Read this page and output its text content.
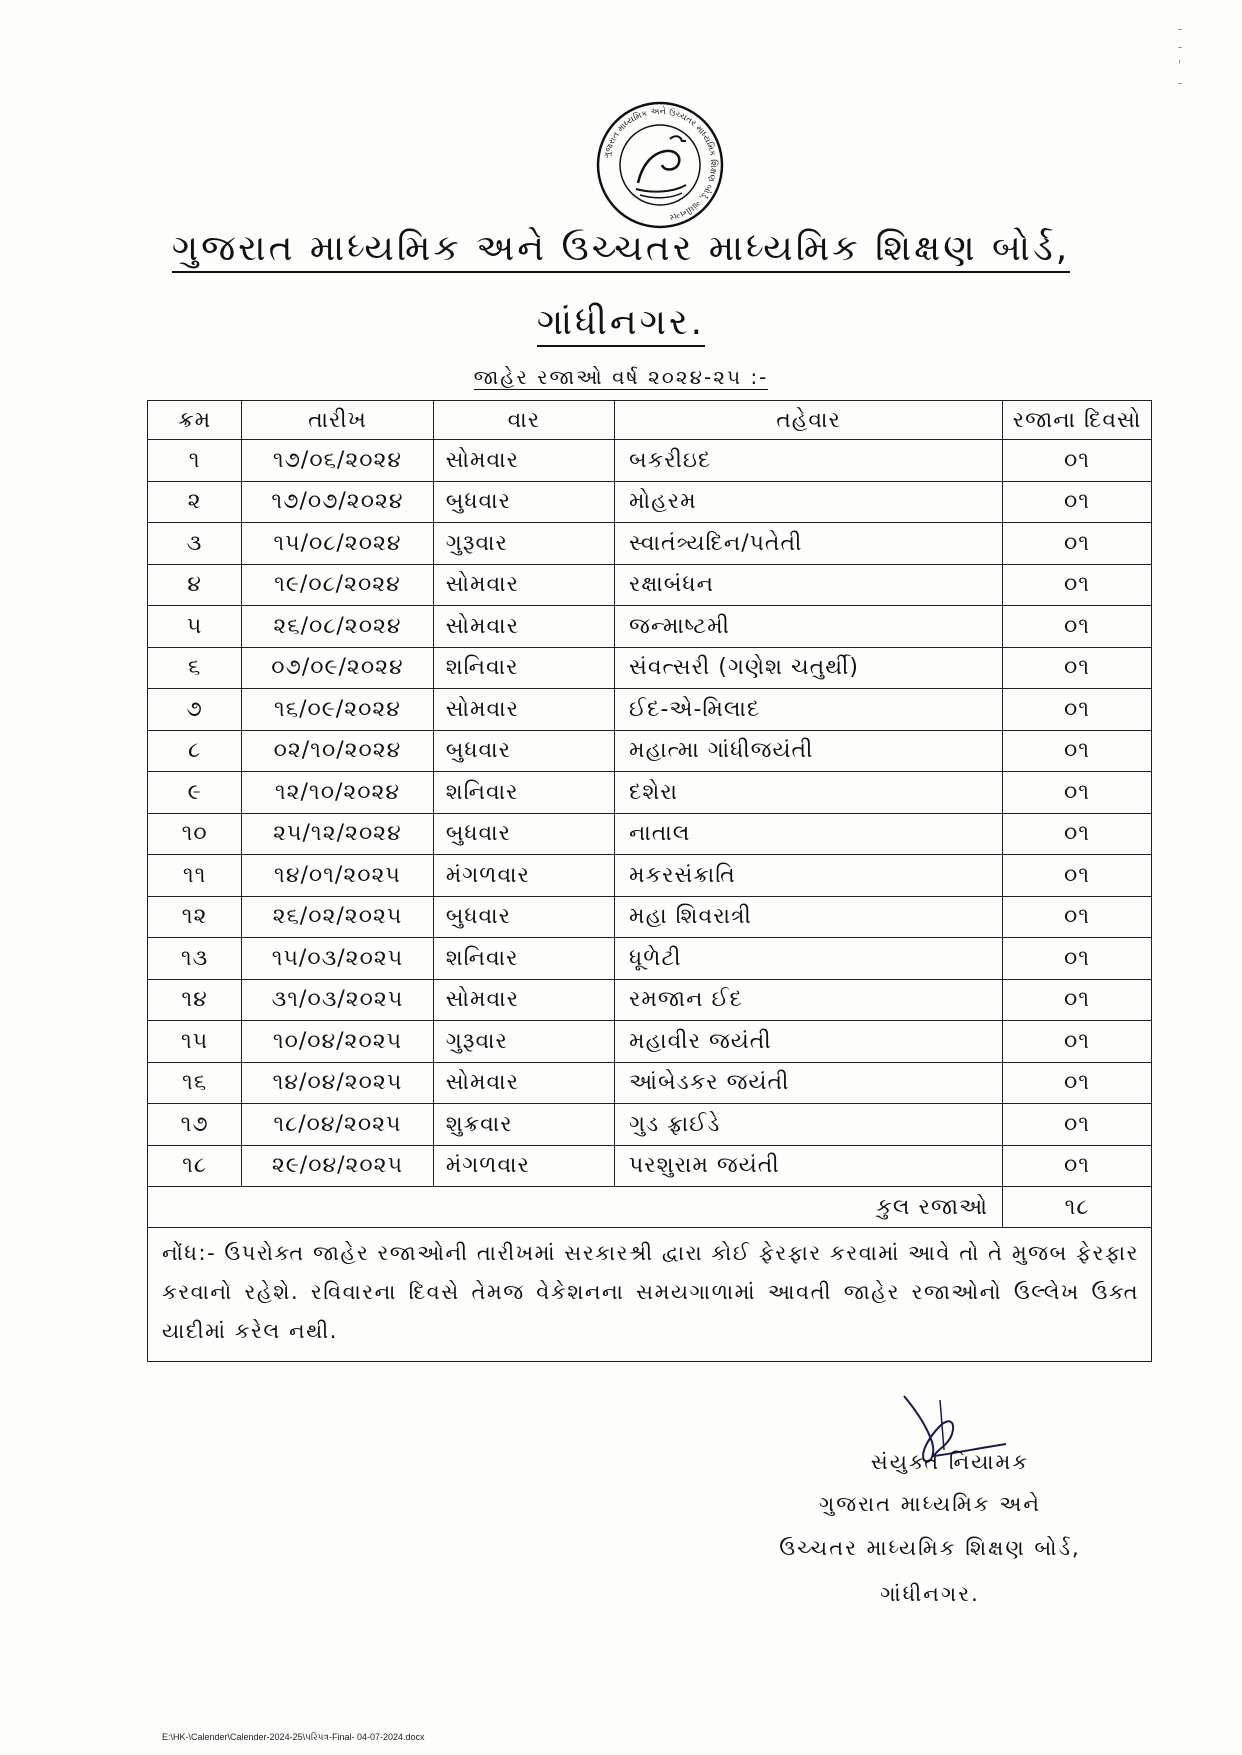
-
-
'
-
ગુજરાત માધ્યમિક અને ઉચ્ચતર માધ્યમિક શિક્ષણ બોર્ડ, ગાંધીનગર
ગુજરાત માધ્યમિક અને ઉચ્ચતર માધ્યમિક શિક્ષણ બોર્ડ,
ગાંધીનગર.
જાહેર રજાઓ વર્ષ ૨૦૨૪-૨૫ :-
ક્રમ	તારીખ	વાર	તહેવાર	રજાના દિવસો
૧	૧૭/૦૬/૨૦૨૪	સોમવાર	બકરીઇદ	૦૧
૨	૧૭/૦૭/૨૦૨૪	બુધવાર	મોહરમ	૦૧
૩	૧૫/૦૮/૨૦૨૪	ગુરૂવાર	સ્વાતંત્ર્યદિન/પતેતી	૦૧
૪	૧૯/૦૮/૨૦૨૪	સોમવાર	રક્ષાબંધન	૦૧
૫	૨૬/૦૮/૨૦૨૪	સોમવાર	જન્માષ્ટમી	૦૧
૬	૦૭/૦૯/૨૦૨૪	શનિવાર	સંવત્સરી (ગણેશ ચતુર્થી)	૦૧
૭	૧૬/૦૯/૨૦૨૪	સોમવાર	ઈદ-એ-મિલાદ	૦૧
૮	૦૨/૧૦/૨૦૨૪	બુધવાર	મહાત્મા ગાંધીજયંતી	૦૧
૯	૧૨/૧૦/૨૦૨૪	શનિવાર	દશેરા	૦૧
૧૦	૨૫/૧૨/૨૦૨૪	બુધવાર	નાતાલ	૦૧
૧૧	૧૪/૦૧/૨૦૨૫	મંગળવાર	મકરસંક્રાતિ	૦૧
૧૨	૨૬/૦૨/૨૦૨૫	બુધવાર	મહા શિવરાત્રી	૦૧
૧૩	૧૫/૦૩/૨૦૨૫	શનિવાર	ધૂળેટી	૦૧
૧૪	૩૧/૦૩/૨૦૨૫	સોમવાર	રમજાન ઈદ	૦૧
૧૫	૧૦/૦૪/૨૦૨૫	ગુરૂવાર	મહાવીર જયંતી	૦૧
૧૬	૧૪/૦૪/૨૦૨૫	સોમવાર	આંબેડકર જયંતી	૦૧
૧૭	૧૮/૦૪/૨૦૨૫	શુક્રવાર	ગુડ ફ્રાઈડે	૦૧
૧૮	૨૯/૦૪/૨૦૨૫	મંગળવાર	પરશુરામ જયંતી	૦૧
કુલ રજાઓ				૧૮
નોંધ:- ઉપરોક્ત જાહેર રજાઓની તારીખમાં સરકારશ્રી દ્વારા કોઈ ફેરફાર કરવામાં આવે તો તે મુજબ ફેરફાર કરવાનો રહેશે. રવિવારના દિવસે તેમજ વેકેશનના સમયગાળામાં આવતી જાહેર રજાઓનો ઉલ્લેખ ઉક્ત યાદીમાં કરેલ નથી.				
સંયુક્ત નિયામક
ગુજરાત માધ્યમિક અને
ઉચ્ચતર માધ્યમિક શિક્ષણ બોર્ડ,
ગાંધીનગર.
E:\HK-\Calender\Calender-2024-25\પરિપત્ર-Final- 04-07-2024.docx
